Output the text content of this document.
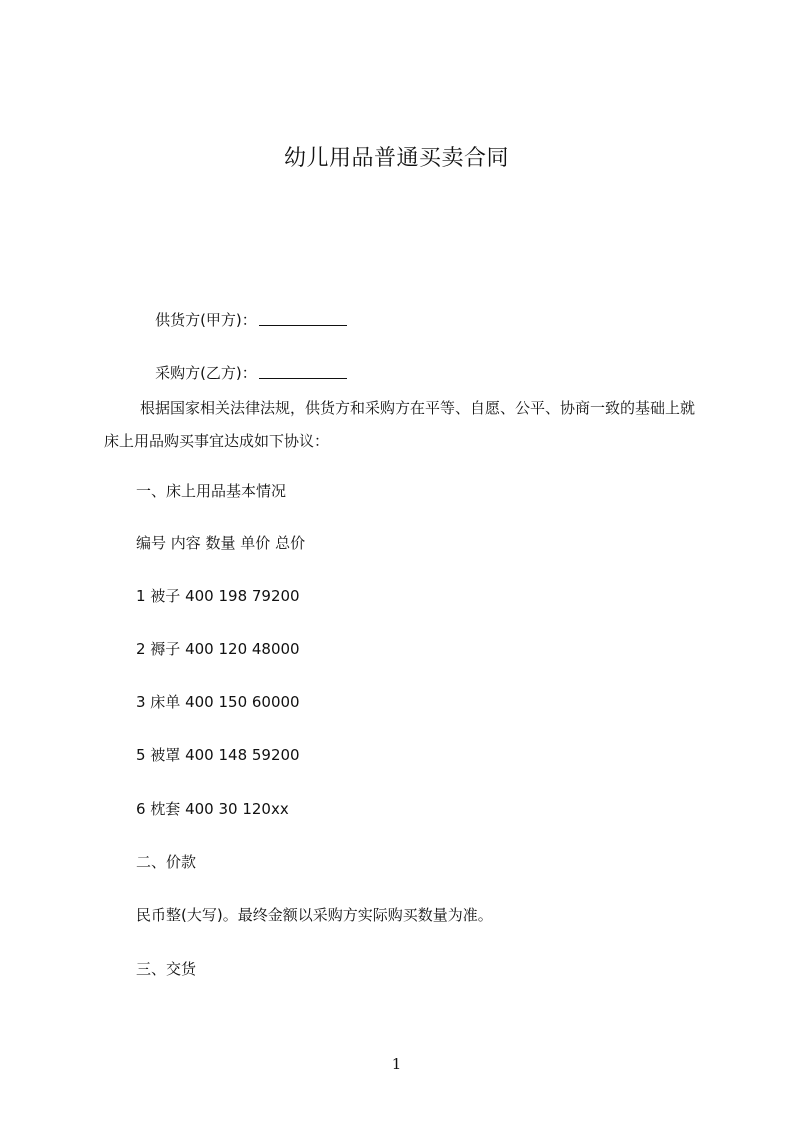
幼儿用品普通买卖合同

供货方(甲方)：

采购方(乙方)：

根据国家相关法律法规，供货方和采购方在平等、自愿、公平、协商一致的基础上就床上用品购买事宜达成如下协议：
一、床上用品基本情况
编号 内容 数量 单价 总价
1 被子 400 198 79200
2 褥子 400 120 48000
3 床单 400 150 60000
5 被罩 400 148 59200
6 枕套 400 30 120xx
二、价款
民币整(大写)。最终金额以采购方实际购买数量为准。
三、交货
1
